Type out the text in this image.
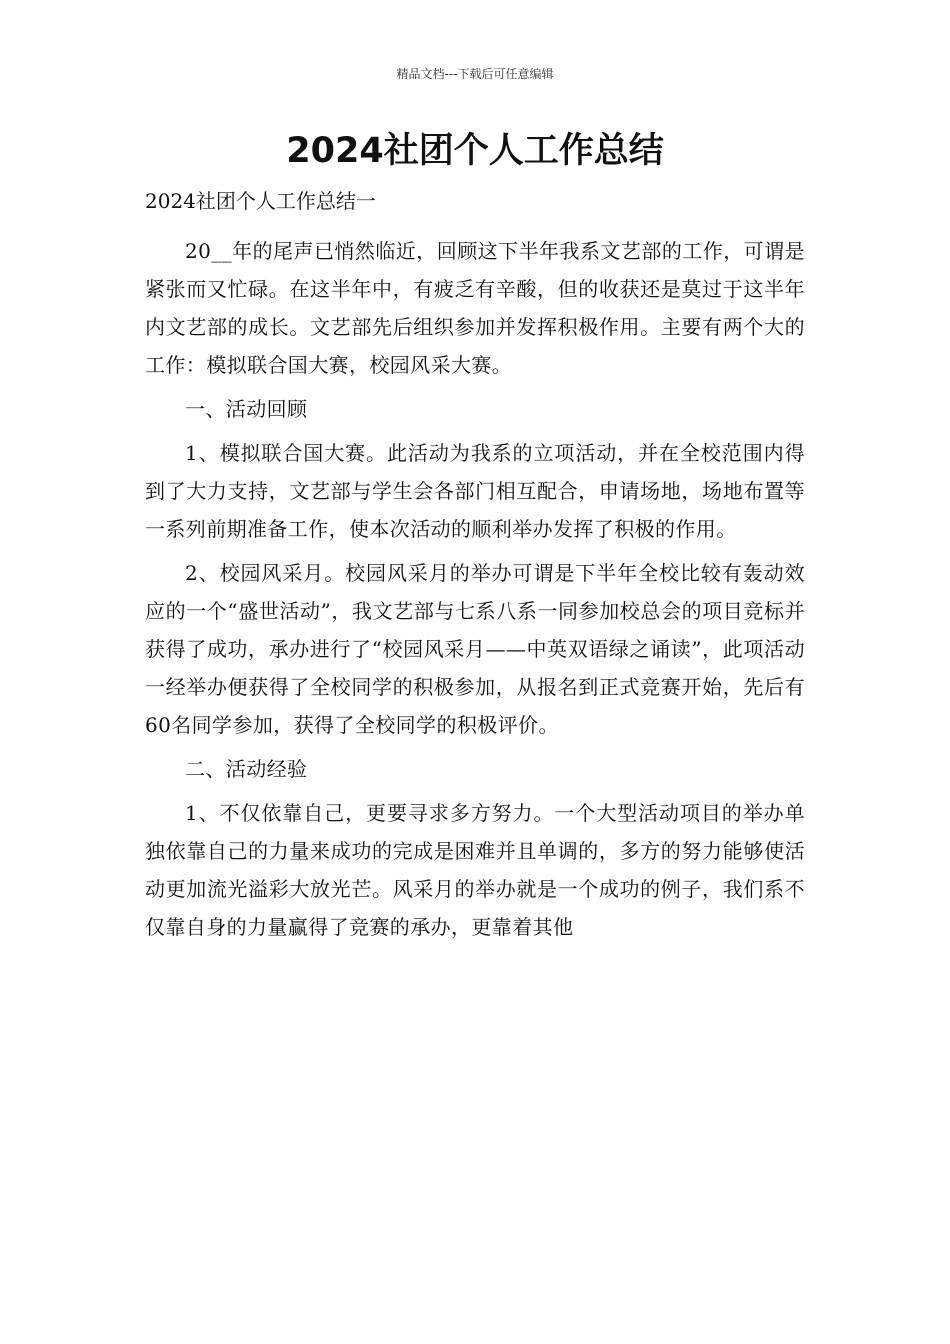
精品文档---下载后可任意编辑
2024社团个人工作总结

2024社团个人工作总结一

20__年的尾声已悄然临近，回顾这下半年我系文艺部的工作，可谓是紧张而又忙碌。在这半年中，有疲乏有辛酸，但的收获还是莫过于这半年内文艺部的成长。文艺部先后组织参加并发挥积极作用。主要有两个大的工作：模拟联合国大赛，校园风采大赛。

一、活动回顾

1、模拟联合国大赛。此活动为我系的立项活动，并在全校范围内得到了大力支持，文艺部与学生会各部门相互配合，申请场地，场地布置等一系列前期准备工作，使本次活动的顺利举办发挥了积极的作用。

2、校园风采月。校园风采月的举办可谓是下半年全校比较有轰动效应的一个“盛世活动”，我文艺部与七系八系一同参加校总会的项目竞标并获得了成功，承办进行了“校园风采月——中英双语绿之诵读”，此项活动一经举办便获得了全校同学的积极参加，从报名到正式竞赛开始，先后有60名同学参加，获得了全校同学的积极评价。

二、活动经验

1、不仅依靠自己，更要寻求多方努力。一个大型活动项目的举办单独依靠自己的力量来成功的完成是困难并且单调的，多方的努力能够使活动更加流光溢彩大放光芒。风采月的举办就是一个成功的例子，我们系不仅靠自身的力量赢得了竞赛的承办，更靠着其他
